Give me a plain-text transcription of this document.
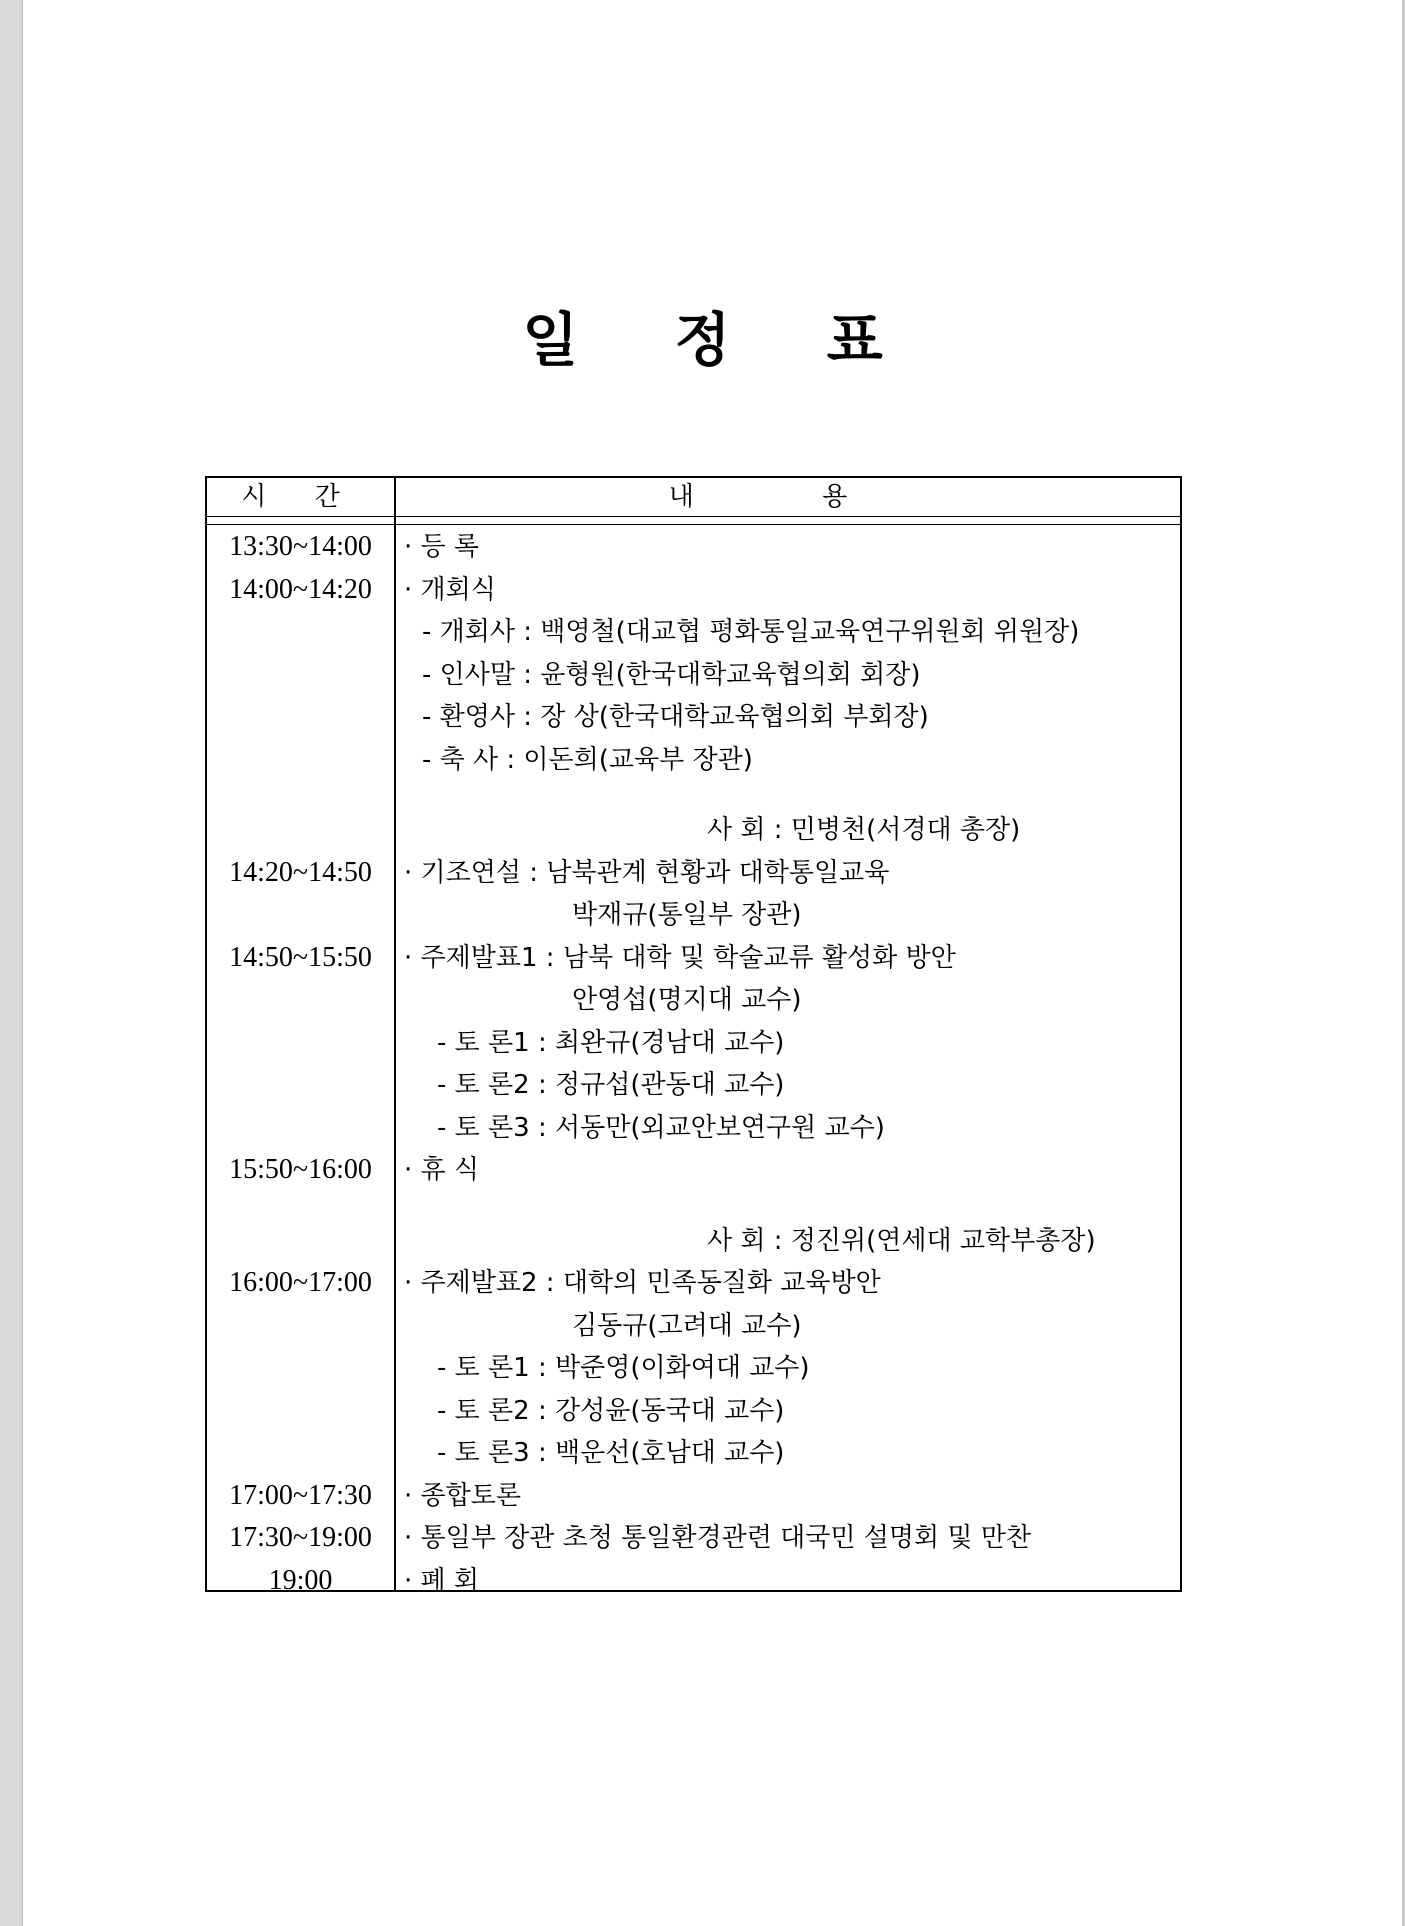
일 정 표
시 간	내 용
13:30~14:00	· 등 록
14:00~14:20	· 개회식
- 개회사 : 백영철(대교협 평화통일교육연구위원회 위원장)
- 인사말 : 윤형원(한국대학교육협의회 회장)
- 환영사 : 장 상(한국대학교육협의회 부회장)
- 축 사 : 이돈희(교육부 장관)
사 회 : 민병천(서경대 총장)
14:20~14:50	· 기조연설 : 남북관계 현황과 대학통일교육
박재규(통일부 장관)
14:50~15:50	· 주제발표1 : 남북 대학 및 학술교류 활성화 방안
안영섭(명지대 교수)
- 토 론1 : 최완규(경남대 교수)
- 토 론2 : 정규섭(관동대 교수)
- 토 론3 : 서동만(외교안보연구원 교수)
15:50~16:00	· 휴 식
사 회 : 정진위(연세대 교학부총장)
16:00~17:00	· 주제발표2 : 대학의 민족동질화 교육방안
김동규(고려대 교수)
- 토 론1 : 박준영(이화여대 교수)
- 토 론2 : 강성윤(동국대 교수)
- 토 론3 : 백운선(호남대 교수)
17:00~17:30	· 종합토론
17:30~19:00	· 통일부 장관 초청 통일환경관련 대국민 설명회 및 만찬
19:00	· 폐 회
